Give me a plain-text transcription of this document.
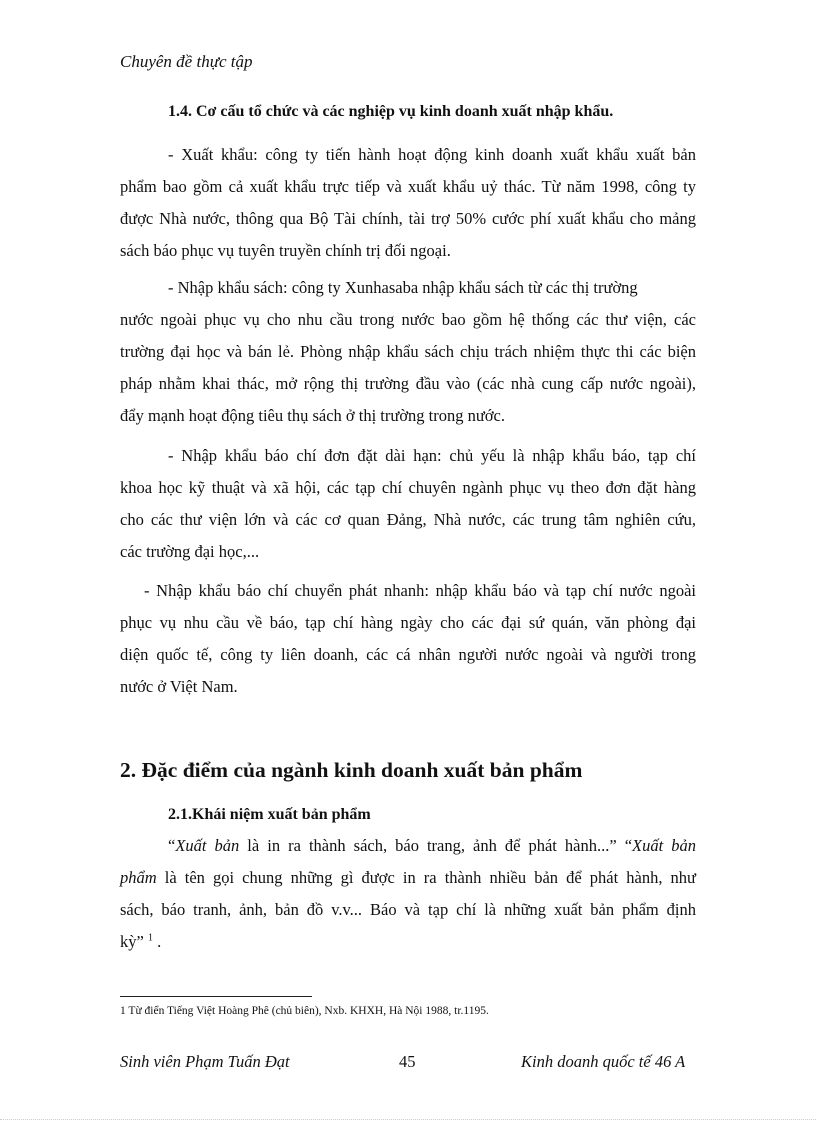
Chuyên đề thực tập
1.4. Cơ cấu tổ chức và các nghiệp vụ kinh doanh xuất nhập khẩu.
- Xuất khẩu: công ty tiến hành hoạt động kinh doanh xuất khẩu xuất bản
phẩm bao gồm cả xuất khẩu trực tiếp và xuất khẩu uỷ thác. Từ năm 1998, công ty
được Nhà nước, thông qua Bộ Tài chính, tài trợ 50% cước phí xuất khẩu cho mảng
sách báo phục vụ tuyên truyền chính trị đối ngoại.
- Nhập khẩu sách: công ty Xunhasaba nhập khẩu sách từ các thị trường
nước ngoài phục vụ cho nhu cầu trong nước bao gồm hệ thống các thư viện, các
trường đại học và bán lẻ. Phòng nhập khẩu sách chịu trách nhiệm thực thi các biện
pháp nhằm khai thác, mở rộng thị trường đầu vào (các nhà cung cấp nước ngoài),
đẩy mạnh hoạt động tiêu thụ sách ở thị trường trong nước.
- Nhập khẩu báo chí đơn đặt dài hạn: chủ yếu là nhập khẩu báo, tạp chí
khoa học kỹ thuật và xã hội, các tạp chí chuyên ngành phục vụ theo đơn đặt hàng
cho các thư viện lớn và các cơ quan Đảng, Nhà nước, các trung tâm nghiên cứu,
các trường đại học,...
- Nhập khẩu báo chí chuyển phát nhanh: nhập khẩu báo và tạp chí nước ngoài
phục vụ nhu cầu về báo, tạp chí hàng ngày cho các đại sứ quán, văn phòng đại
diện quốc tế, công ty liên doanh, các cá nhân người nước ngoài và người trong
nước ở Việt Nam.
2. Đặc điểm của ngành kinh doanh xuất bản phẩm
2.1.Khái niệm xuất bản phẩm
“Xuất bản là in ra thành sách, báo trang, ảnh để phát hành...” “Xuất bản
phẩm là tên gọi chung những gì được in ra thành nhiều bản để phát hành, như
sách, báo tranh, ảnh, bản đồ v.v... Báo và tạp chí là những xuất bản phẩm định
kỳ” $^1$ .
1 Từ điển Tiếng Việt Hoàng Phê (chủ biên), Nxb. KHXH, Hà Nội 1988, tr.1195.
Sinh viên Phạm Tuấn Đạt	45	Kinh doanh quốc tế 46 A
